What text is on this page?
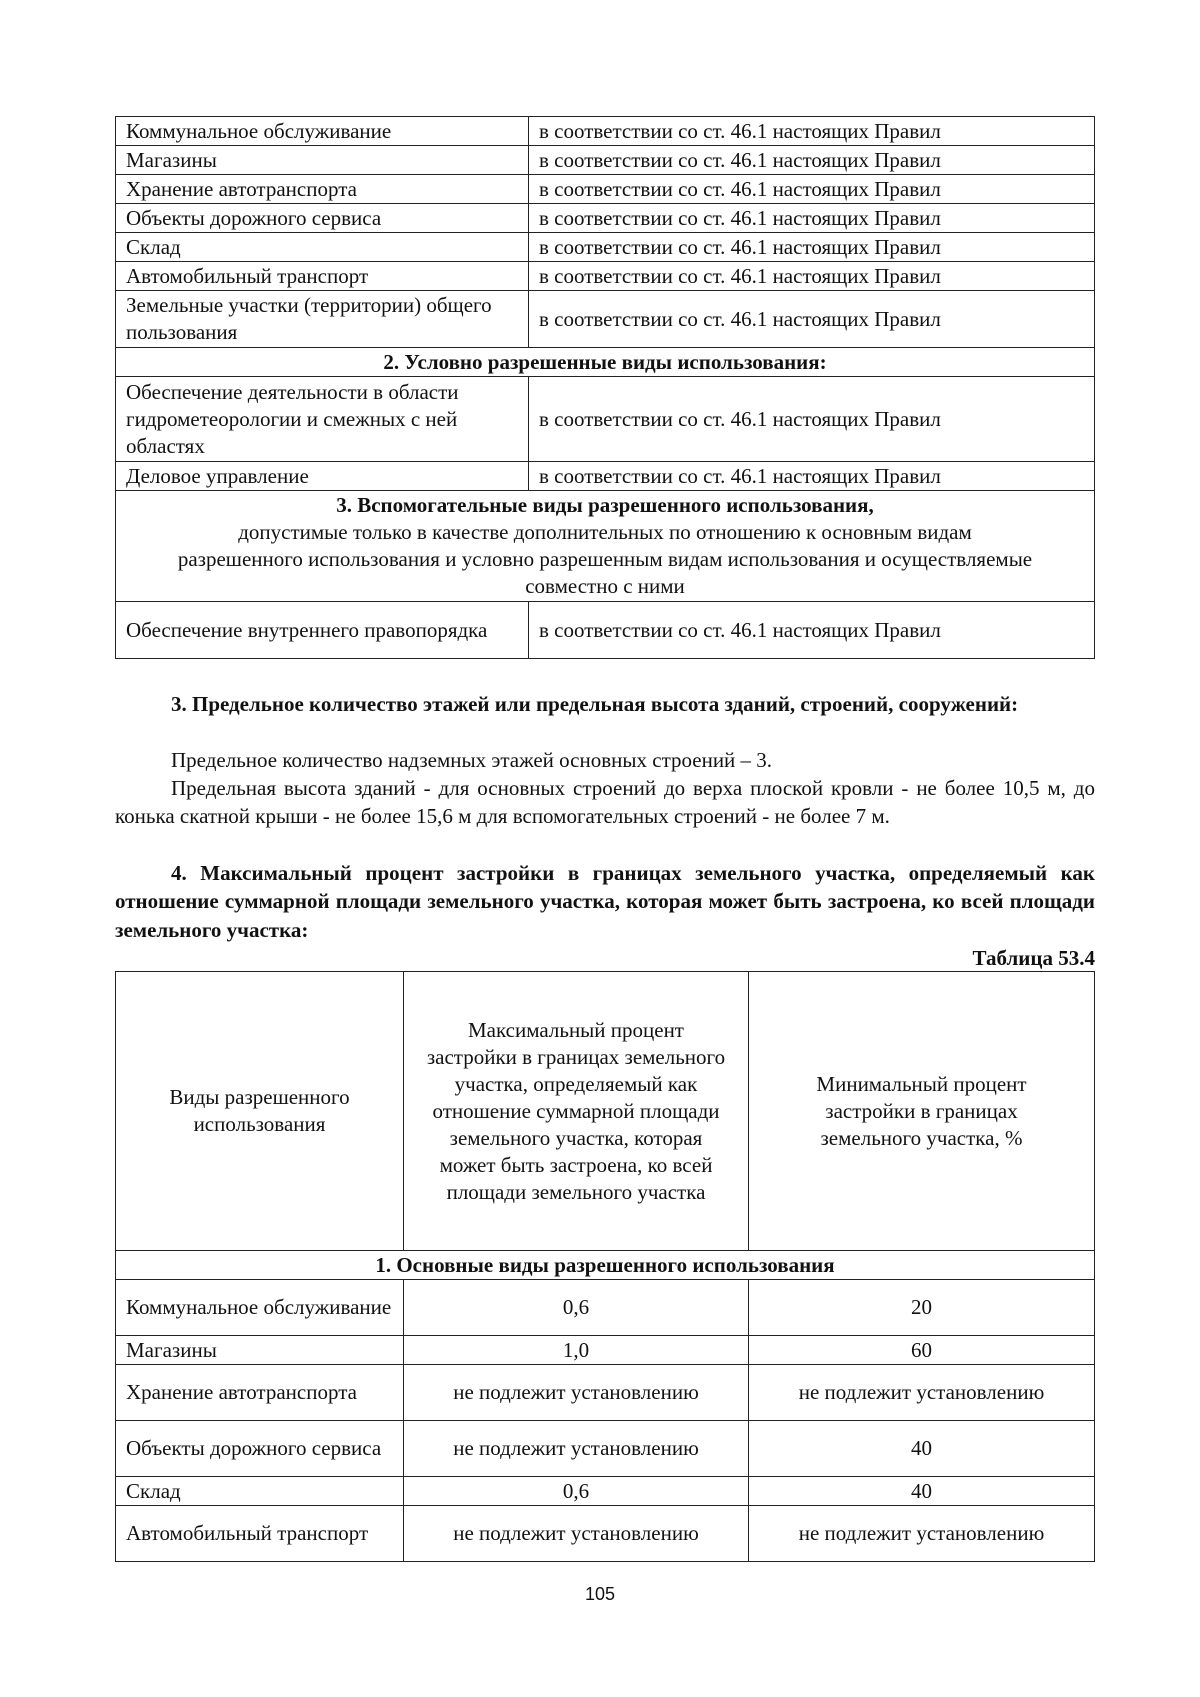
Коммунальное обслуживание	в соответствии со ст. 46.1 настоящих Правил
Магазины	в соответствии со ст. 46.1 настоящих Правил
Хранение автотранспорта	в соответствии со ст. 46.1 настоящих Правил
Объекты дорожного сервиса	в соответствии со ст. 46.1 настоящих Правил
Склад	в соответствии со ст. 46.1 настоящих Правил
Автомобильный транспорт	в соответствии со ст. 46.1 настоящих Правил
Земельные участки (территории) общего пользования	в соответствии со ст. 46.1 настоящих Правил
2. Условно разрешенные виды использования:	
Обеспечение деятельности в области гидрометеорологии и смежных с ней областях	в соответствии со ст. 46.1 настоящих Правил
Деловое управление	в соответствии со ст. 46.1 настоящих Правил

3. Вспомогательные виды разрешенного использования,
допустимые только в качестве дополнительных по отношению к основным видам разрешенного использования и условно разрешенным видам использования и осуществляемые совместно с ними	

Обеспечение внутреннего правопорядка	в соответствии со ст. 46.1 настоящих Правил
3. Предельное количество этажей или предельная высота зданий, строений, сооружений:
Предельное количество надземных этажей основных строений – 3.
Предельная высота зданий - для основных строений до верха плоской кровли - не более 10,5 м, до конька скатной крыши - не более 15,6 м для вспомогательных строений - не более 7 м.
4. Максимальный процент застройки в границах земельного участка, определяемый как отношение суммарной площади земельного участка, которая может быть застроена, ко всей площади земельного участка:
Таблица 53.4
Виды разрешенного использования	Максимальный процент застройки в границах земельного участка, определяемый как отношение суммарной площади земельного участка, которая может быть застроена, ко всей площади земельного участка	Минимальный процент застройки в границах земельного участка, %
1. Основные виды разрешенного использования		
Коммунальное обслуживание	0,6	20
Магазины	1,0	60
Хранение автотранспорта	не подлежит установлению	не подлежит установлению
Объекты дорожного сервиса	не подлежит установлению	40
Склад	0,6	40
Автомобильный транспорт	не подлежит установлению	не подлежит установлению
105
